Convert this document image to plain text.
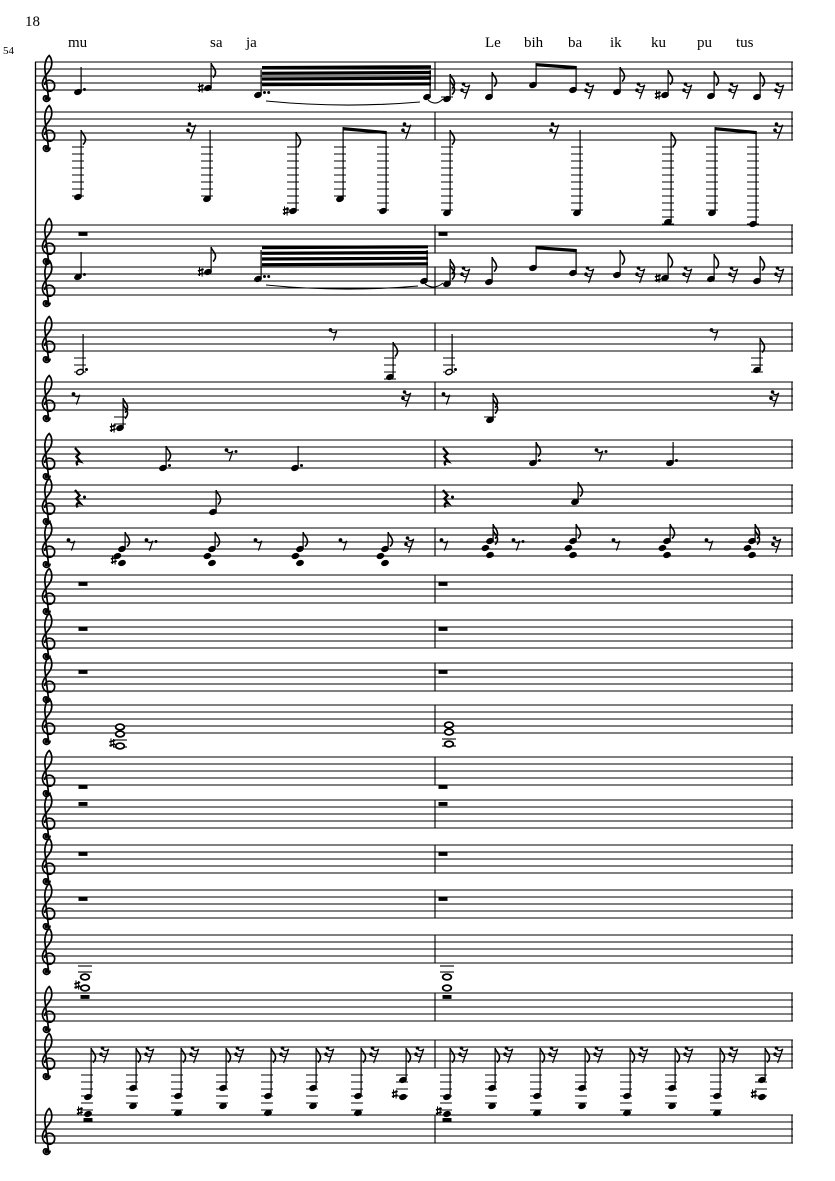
18
54	mu	sa ja	Le bih ba ik ku pu tus
